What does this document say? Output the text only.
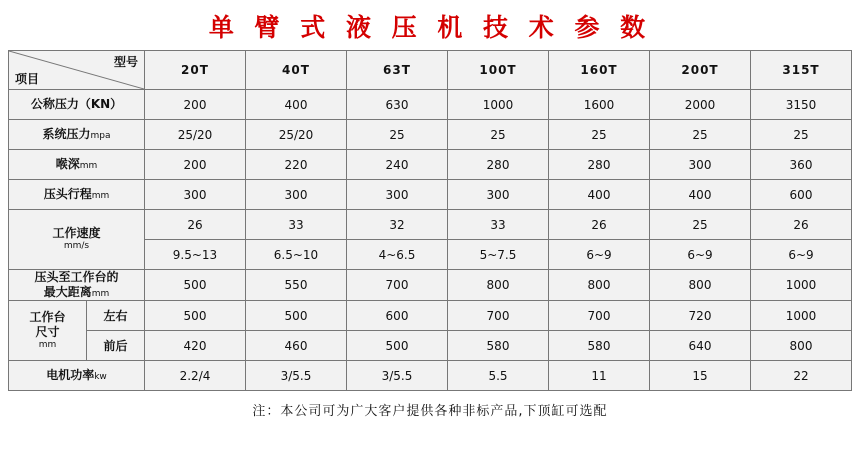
单 臂 式 液 压 机 技 术 参 数
型号
项目		20T	40T	63T	100T	160T	200T	315T
公称压力（KN）		200	400	630	1000	1600	2000	3150
系统压力mpa		25/20	25/20	25	25	25	25	25
喉深mm		200	220	240	280	280	300	360
压头行程mm		300	300	300	300	400	400	600

工作速度
mm/s		26	33	32	33	26	25	26
		9.5~13	6.5~10	4~6.5	5~7.5	6~9	6~9	6~9

压头至工作台的
最大距离mm		500	550	700	800	800	800	1000

工作台
尺寸
mm	左右	500	500	600	700	700	720	1000
	前后	420	460	500	580	580	640	800
电机功率kw		2.2/4	3/5.5	3/5.5	5.5	11	15	22
注：本公司可为广大客户提供各种非标产品,下顶缸可选配
